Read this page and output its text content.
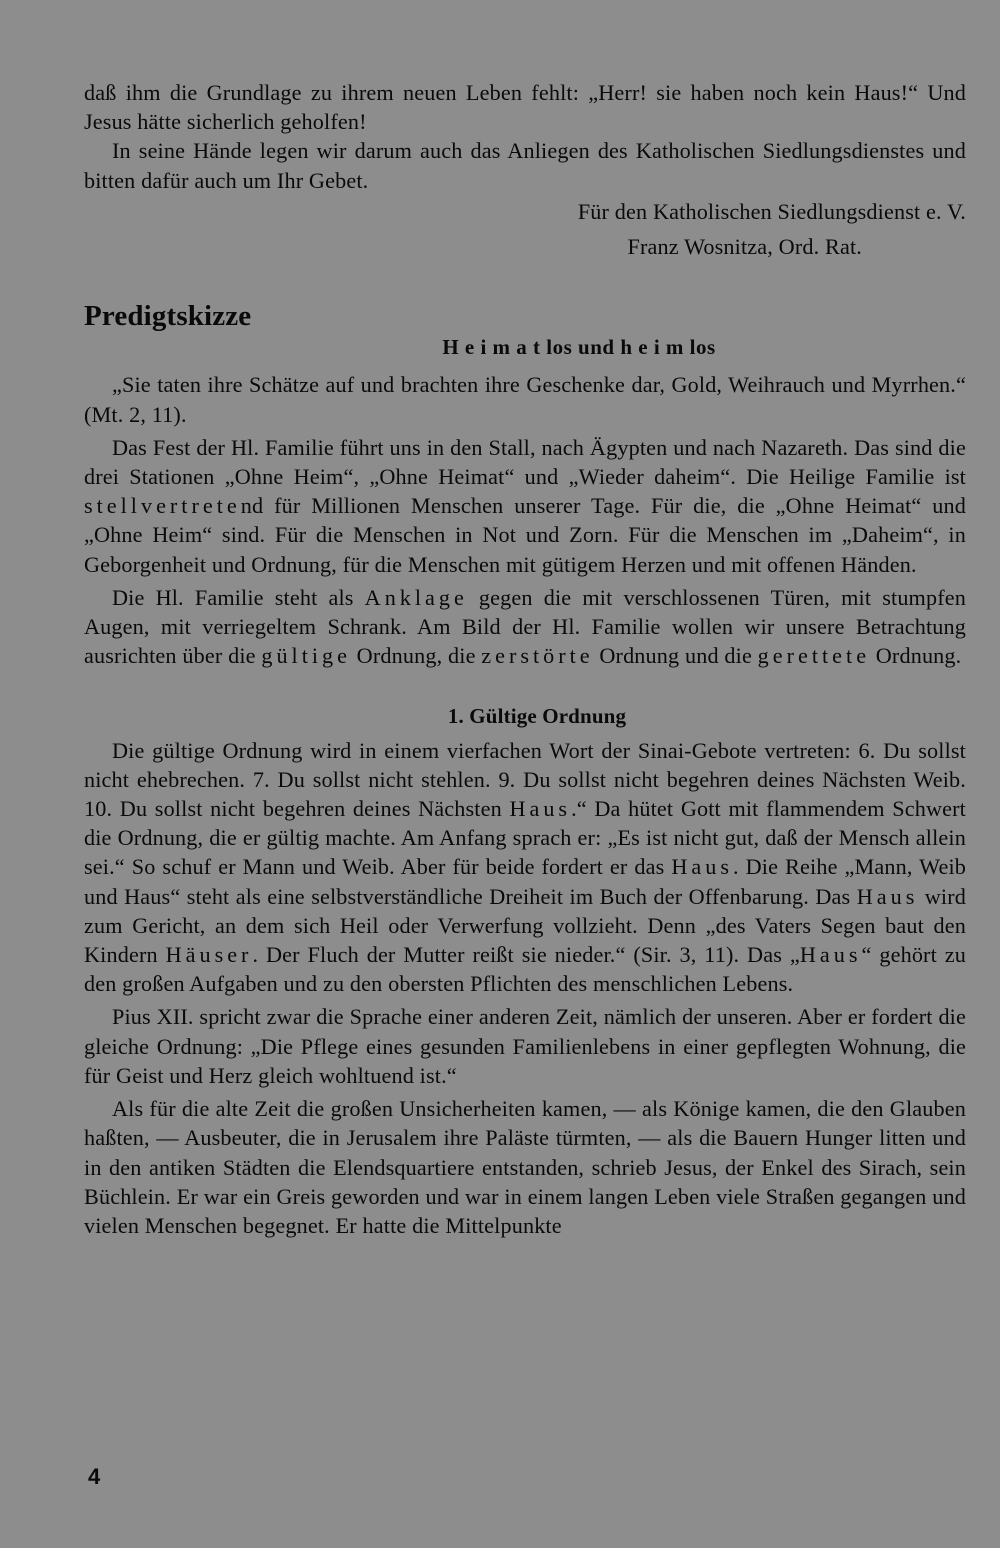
daß ihm die Grundlage zu ihrem neuen Leben fehlt: „Herr! sie haben noch kein Haus!“ Und Jesus hätte sicherlich geholfen!

In seine Hände legen wir darum auch das Anliegen des Katholischen Siedlungsdienstes und bitten dafür auch um Ihr Gebet.

Für den Katholischen Siedlungsdienst e. V.

Franz Wosnitza, Ord. Rat.

Predigtskizze

H e i m a t los und h e i m los

„Sie taten ihre Schätze auf und brachten ihre Geschenke dar, Gold, Weihrauch und Myrrhen.“ (Mt. 2, 11).

Das Fest der Hl. Familie führt uns in den Stall, nach Ägypten und nach Nazareth. Das sind die drei Stationen „Ohne Heim“, „Ohne Heimat“ und „Wieder daheim“. Die Heilige Familie ist stellvertretend für Millionen Menschen unserer Tage. Für die, die „Ohne Heimat“ und „Ohne Heim“ sind. Für die Menschen in Not und Zorn. Für die Menschen im „Daheim“, in Geborgenheit und Ordnung, für die Menschen mit gütigem Herzen und mit offenen Händen.

Die Hl. Familie steht als Anklage gegen die mit verschlossenen Türen, mit stumpfen Augen, mit verriegeltem Schrank. Am Bild der Hl. Familie wollen wir unsere Betrachtung ausrichten über die gültige Ordnung, die zerstörte Ordnung und die gerettete Ordnung.

1. Gültige Ordnung

Die gültige Ordnung wird in einem vierfachen Wort der Sinai-Gebote vertreten: 6. Du sollst nicht ehebrechen. 7. Du sollst nicht stehlen. 9. Du sollst nicht begehren deines Nächsten Weib. 10. Du sollst nicht begehren deines Nächsten Haus.“ Da hütet Gott mit flammendem Schwert die Ordnung, die er gültig machte. Am Anfang sprach er: „Es ist nicht gut, daß der Mensch allein sei.“ So schuf er Mann und Weib. Aber für beide fordert er das Haus. Die Reihe „Mann, Weib und Haus“ steht als eine selbstverständliche Dreiheit im Buch der Offenbarung. Das Haus wird zum Gericht, an dem sich Heil oder Verwerfung vollzieht. Denn „des Vaters Segen baut den Kindern Häuser. Der Fluch der Mutter reißt sie nieder.“ (Sir. 3, 11). Das „Haus“ gehört zu den großen Aufgaben und zu den obersten Pflichten des menschlichen Lebens.

Pius XII. spricht zwar die Sprache einer anderen Zeit, nämlich der unseren. Aber er fordert die gleiche Ordnung: „Die Pflege eines gesunden Familienlebens in einer gepflegten Wohnung, die für Geist und Herz gleich wohltuend ist.“

Als für die alte Zeit die großen Unsicherheiten kamen, — als Könige kamen, die den Glauben haßten, — Ausbeuter, die in Jerusalem ihre Paläste türmten, — als die Bauern Hunger litten und in den antiken Städten die Elendsquartiere entstanden, schrieb Jesus, der Enkel des Sirach, sein Büchlein. Er war ein Greis geworden und war in einem langen Leben viele Straßen gegangen und vielen Menschen begegnet. Er hatte die Mittelpunkte

4
